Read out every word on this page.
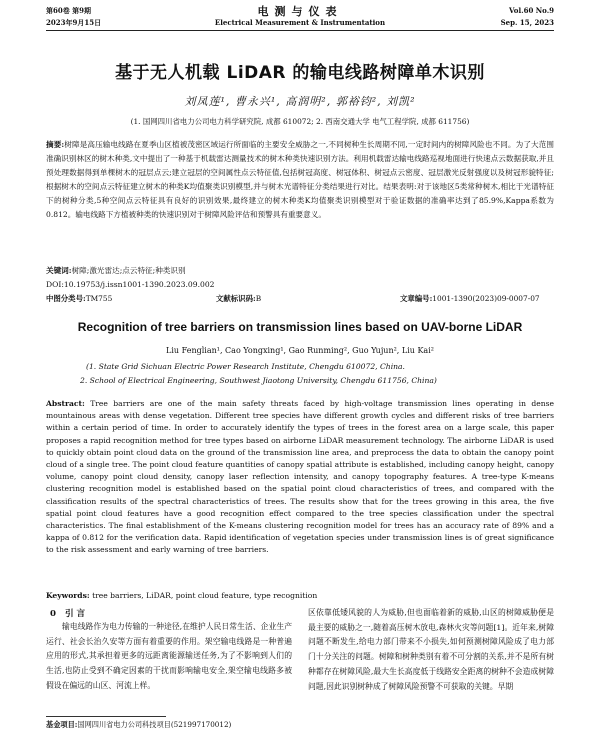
第60卷 第9期
2023年9月15日
电测与仪表
Electrical Measurement & Instrumentation
Vol.60 No.9
Sep. 15, 2023
基于无人机载 LiDAR 的输电线路树障单木识别
刘凤莲¹, 曹永兴¹, 高润明², 郭裕钧², 刘凯²
(1. 国网四川省电力公司电力科学研究院, 成都 610072; 2. 西南交通大学 电气工程学院, 成都 611756)

摘要:树障是高压输电线路在夏季山区植被茂密区域运行所面临的主要安全威胁之一,不同树种生长周期不同,一定时间内的树障风险也不同。为了大范围准确识别林区的树木种类,文中提出了一种基于机载雷达测量技术的树木种类快速识别方法。利用机载雷达输电线路巡视地面进行快速点云数据获取,并且预处理数据得到单棵树木的冠层点云;建立冠层的空间属性点云特征值,包括树冠高度、树冠体积、树冠点云密度、冠层激光反射强度以及树冠形貌特征;根据树木的空间点云特征建立树木的种类K均值聚类识别模型,并与树木光谱特征分类结果进行对比。结果表明:对于该地区5类常种树木,相比于光谱特征下的树种分类,5种空间点云特征具有良好的识别效果,最终建立的树木种类K均值聚类识别模型对于验证数据的准确率达到了85.9%,Kappa系数为0.812。输电线路下方植被种类的快速识别对于树障风险评估和预警具有重要意义。

关键词:树障;激光雷达;点云特征;种类识别
DOI:10.19753/j.issn1001-1390.2023.09.002
中图分类号:TM755	文献标识码:B	文章编号:1001-1390(2023)09-0007-07
Recognition of tree barriers on transmission lines based on UAV-borne LiDAR
Liu Fenglian¹, Cao Yongxing¹, Gao Runming², Guo Yujun², Liu Kai²
(1. State Grid Sichuan Electric Power Research Institute, Chengdu 610072, China.
2. School of Electrical Engineering, Southwest Jiaotong University, Chengdu 611756, China)

Abstract: Tree barriers are one of the main safety threats faced by high-voltage transmission lines operating in dense mountainous areas with dense vegetation. Different tree species have different growth cycles and different risks of tree barriers within a certain period of time. In order to accurately identify the types of trees in the forest area on a large scale, this paper proposes a rapid recognition method for tree types based on airborne LiDAR measurement technology. The airborne LiDAR is used to quickly obtain point cloud data on the ground of the transmission line area, and preprocess the data to obtain the canopy point cloud of a single tree. The point cloud feature quantities of canopy spatial attribute is established, including canopy height, canopy volume, canopy point cloud density, canopy laser reflection intensity, and canopy topography features. A tree-type K-means clustering recognition model is established based on the spatial point cloud characteristics of trees, and compared with the classification results of the spectral characteristics of trees. The results show that for the trees growing in this area, the five spatial point cloud features have a good recognition effect compared to the tree species classification under the spectral characteristics. The final establishment of the K-means clustering recognition model for trees has an accuracy rate of 89% and a kappa of 0.812 for the verification data. Rapid identification of vegetation species under transmission lines is of great significance to the risk assessment and early warning of tree barriers.

Keywords: tree barriers, LiDAR, point cloud feature, type recognition
0 引 言

输电线路作为电力传输的一种途径,在维护人民日常生活、企业生产运行、社会长治久安等方面有着重要的作用。架空输电线路是一种普遍应用的形式,其承担着更多的远距离能源输送任务,为了不影响到人们的生活,也防止受到不确定因素的干扰而影响输电安全,架空输电线路多被假设在偏远的山区、河流上样。

区依靠低矮风貌的人为威胁,但也面临着新的威胁,山区的树障威胁便是最主要的威胁之一,随着高压树木放电,森林火灾等问题[1]。近年来,树障问题不断发生,给电力部门带来不小损失,如何预测树障风险成了电力部门十分关注的问题。树障和树种类别有着不可分割的关系,并不是所有树种都存在树障风险,最大生长高度低于线路安全距离的树种不会造成树障问题,因此识别树种成了树障风险预警不可获取的关键。早期

基金项目:国网四川省电力公司科技项目(521997170012)
